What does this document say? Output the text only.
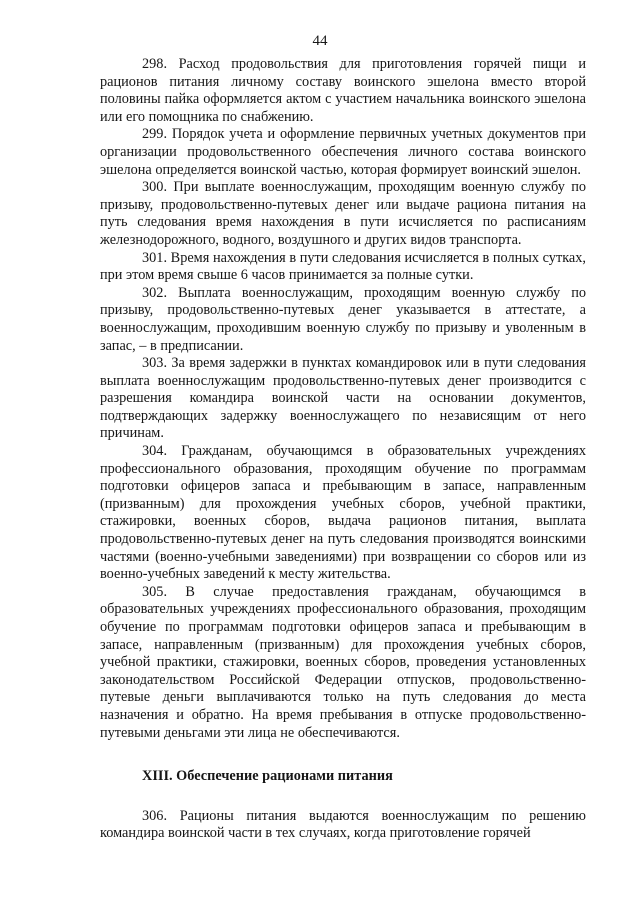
44

298. Расход продовольствия для приготовления горячей пищи и рационов питания личному составу воинского эшелона вместо второй половины пайка оформляется актом с участием начальника воинского эшелона или его помощника по снабжению.

299. Порядок учета и оформление первичных учетных документов при организации продовольственного обеспечения личного состава воинского эшелона определяется воинской частью, которая формирует воинский эшелон.

300. При выплате военнослужащим, проходящим военную службу по призыву, продовольственно-путевых денег или выдаче рациона питания на путь следования время нахождения в пути исчисляется по расписаниям железнодорожного, водного, воздушного и других видов транспорта.

301. Время нахождения в пути следования исчисляется в полных сутках, при этом время свыше 6 часов принимается за полные сутки.

302. Выплата военнослужащим, проходящим военную службу по призыву, продовольственно-путевых денег указывается в аттестате, а военнослужащим, проходившим военную службу по призыву и уволенным в запас, – в предписании.

303. За время задержки в пунктах командировок или в пути следования выплата военнослужащим продовольственно-путевых денег производится с разрешения командира воинской части на основании документов, подтверждающих задержку военнослужащего по независящим от него причинам.

304. Гражданам, обучающимся в образовательных учреждениях профессионального образования, проходящим обучение по программам подготовки офицеров запаса и пребывающим в запасе, направленным (призванным) для прохождения учебных сборов, учебной практики, стажировки, военных сборов, выдача рационов питания, выплата продовольственно-путевых денег на путь следования производятся воинскими частями (военно-учебными заведениями) при возвращении со сборов или из военно-учебных заведений к месту жительства.

305. В случае предоставления гражданам, обучающимся в образовательных учреждениях профессионального образования, проходящим обучение по программам подготовки офицеров запаса и пребывающим в запасе, направленным (призванным) для прохождения учебных сборов, учебной практики, стажировки, военных сборов, проведения установленных законодательством Российской Федерации отпусков, продовольственно-путевые деньги выплачиваются только на путь следования до места назначения и обратно. На время пребывания в отпуске продовольственно-путевыми деньгами эти лица не обеспечиваются.

XIII. Обеспечение рационами питания

306. Рационы питания выдаются военнослужащим по решению командира воинской части в тех случаях, когда приготовление горячей
